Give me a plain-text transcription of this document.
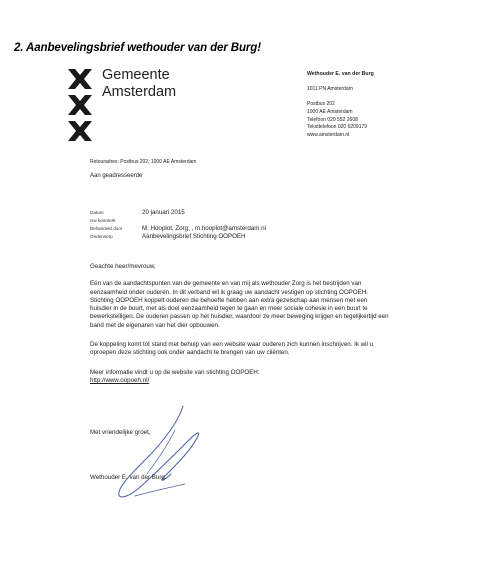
2. Aanbevelingsbrief wethouder van der Burg!
Gemeente
Amsterdam
Wethouder E. van der Burg

1011 PN Amsterdam

Postbus 202
1000 AE Amsterdam
Telefoon 020 552 2608
Teksttelefoon 020 6209179
www.amsterdam.nl
Retouradres: Postbus 202, 1000 AE Amsterdam
Aan geadresseerde
Datum	20 januari 2015
Uw kenmerk
Behandeld door	M. Hooplot, Zorg, , m.hooplot@amsterdam.nl
Onderwerp	Aanbevelingsbrief Stichting OOPOEH

Geachte heer/mevrouw,

Eén van de aandachtspunten van de gemeente en van mij als wethouder Zorg is het bestrijden van eenzaamheid onder ouderen. In dit verband wil ik graag uw aandacht vestigen op stichting OOPOEH. Stichting OOPOEH koppelt ouderen die behoefte hebben aan extra gezelschap aan mensen met een huisdier in de buurt, met als doel eenzaamheid tegen te gaan en meer sociale cohesie in een buurt te bewerkstelligen. De ouderen passen op het huisdier, waardoor ze meer beweging krijgen en tegelijkertijd een band met de eigenaren van het dier opbouwen.

De koppeling komt tot stand met behulp van een website waar ouderen zich kunnen inschrijven. Ik wil u oproepen deze stichting ook onder aandacht te brengen van uw cliënten.

Meer informatie vindt u op de website van stichting OOPOEH:
http://www.oopoeh.nl/

Met vriendelijke groet,
Wethouder E. van der Burg.
